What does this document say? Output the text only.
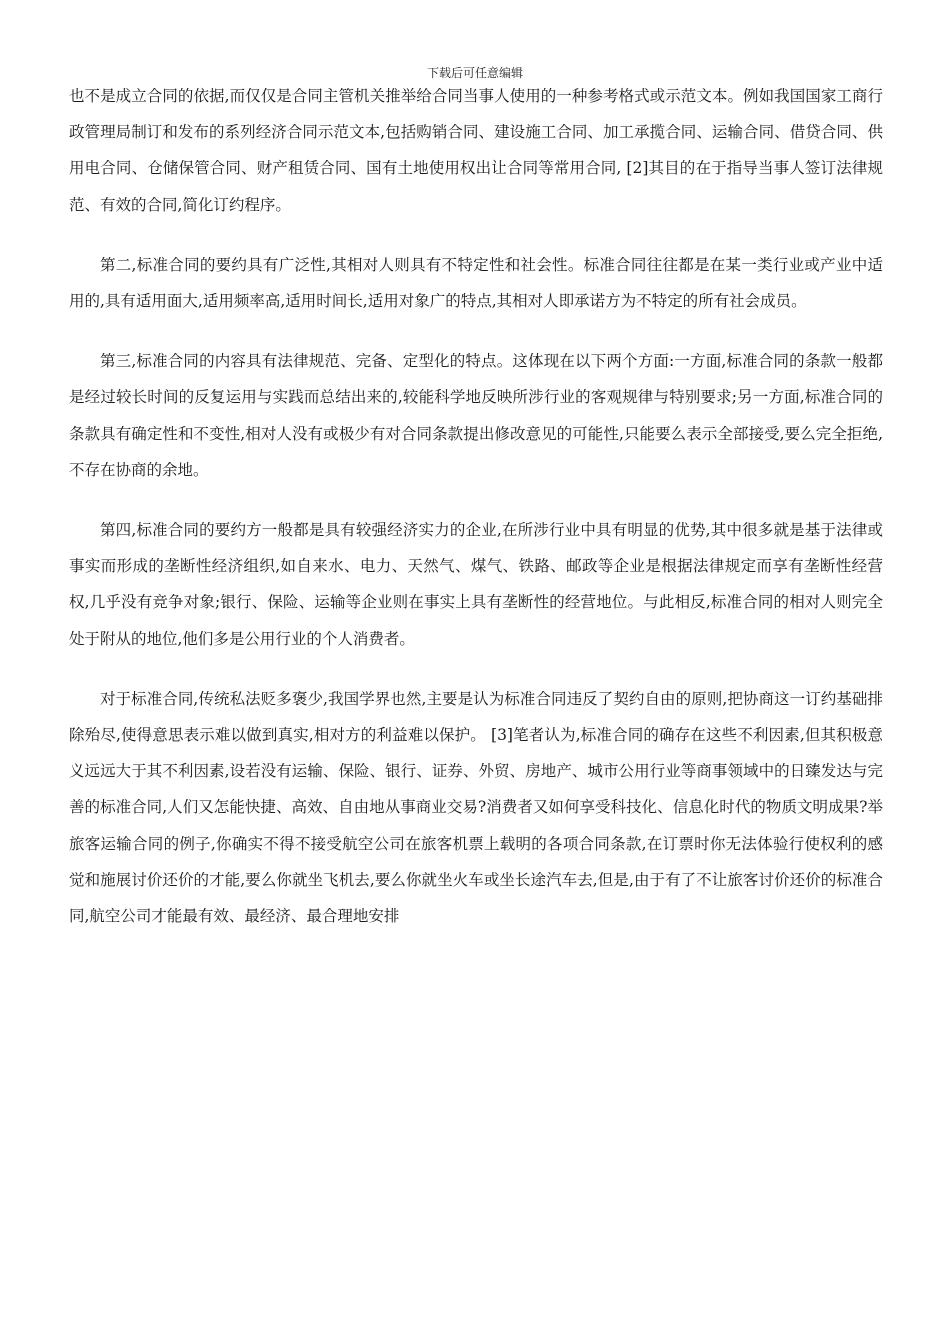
下载后可任意编辑

也不是成立合同的依据,而仅仅是合同主管机关推举给合同当事人使用的一种参考格式或示范文本。例如我国国家工商行政管理局制订和发布的系列经济合同示范文本,包括购销合同、建设施工合同、加工承揽合同、运输合同、借贷合同、供用电合同、仓储保管合同、财产租赁合同、国有土地使用权出让合同等常用合同, [2]其目的在于指导当事人签订法律规范、有效的合同,简化订约程序。

第二,标准合同的要约具有广泛性,其相对人则具有不特定性和社会性。标准合同往往都是在某一类行业或产业中适用的,具有适用面大,适用频率高,适用时间长,适用对象广的特点,其相对人即承诺方为不特定的所有社会成员。

第三,标准合同的内容具有法律规范、完备、定型化的特点。这体现在以下两个方面:一方面,标准合同的条款一般都是经过较长时间的反复运用与实践而总结出来的,较能科学地反映所涉行业的客观规律与特别要求;另一方面,标准合同的条款具有确定性和不变性,相对人没有或极少有对合同条款提出修改意见的可能性,只能要么表示全部接受,要么完全拒绝,不存在协商的余地。

第四,标准合同的要约方一般都是具有较强经济实力的企业,在所涉行业中具有明显的优势,其中很多就是基于法律或事实而形成的垄断性经济组织,如自来水、电力、天然气、煤气、铁路、邮政等企业是根据法律规定而享有垄断性经营权,几乎没有竞争对象;银行、保险、运输等企业则在事实上具有垄断性的经营地位。与此相反,标准合同的相对人则完全处于附从的地位,他们多是公用行业的个人消费者。

对于标准合同,传统私法贬多褒少,我国学界也然,主要是认为标准合同违反了契约自由的原则,把协商这一订约基础排除殆尽,使得意思表示难以做到真实,相对方的利益难以保护。 [3]笔者认为,标准合同的确存在这些不利因素,但其积极意义远远大于其不利因素,设若没有运输、保险、银行、证券、外贸、房地产、城市公用行业等商事领域中的日臻发达与完善的标准合同,人们又怎能快捷、高效、自由地从事商业交易?消费者又如何享受科技化、信息化时代的物质文明成果?举旅客运输合同的例子,你确实不得不接受航空公司在旅客机票上载明的各项合同条款,在订票时你无法体验行使权利的感觉和施展讨价还价的才能,要么你就坐飞机去,要么你就坐火车或坐长途汽车去,但是,由于有了不让旅客讨价还价的标准合同,航空公司才能最有效、最经济、最合理地安排
